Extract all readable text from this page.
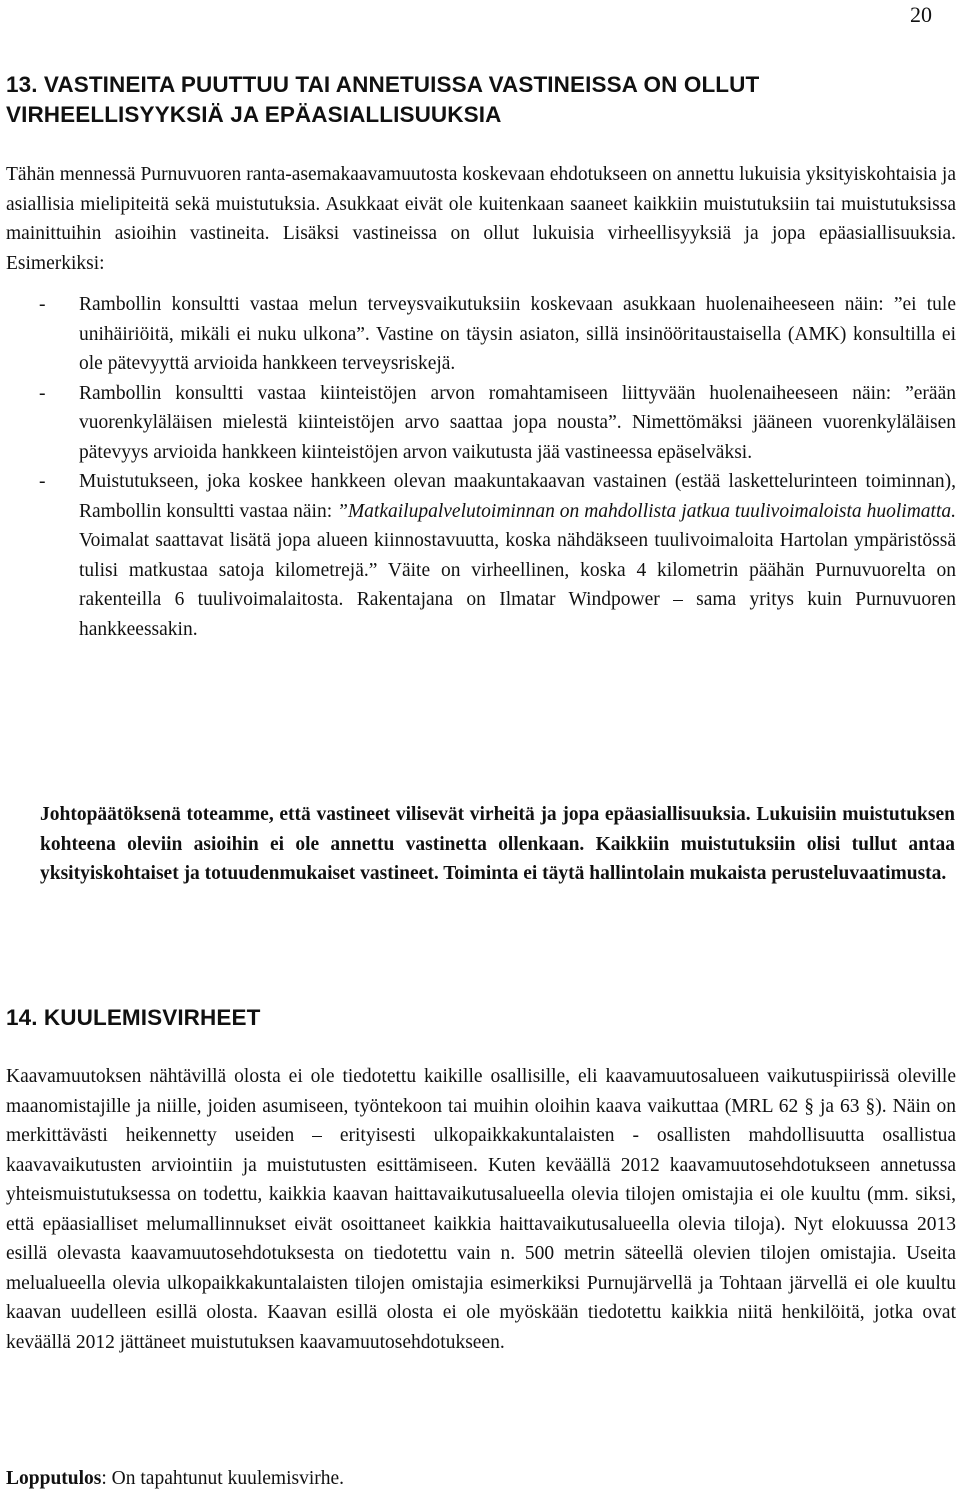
20
13. VASTINEITA PUUTTUU TAI ANNETUISSA VASTINEISSA ON OLLUT
VIRHEELLISYYKSIÄ JA EPÄASIALLISUUKSIA

Tähän mennessä Purnuvuoren ranta-asemakaavamuutosta koskevaan ehdotukseen on annettu lukuisia yksityiskohtaisia ja asiallisia mielipiteitä sekä muistutuksia. Asukkaat eivät ole kuitenkaan saaneet kaikkiin muistutuksiin tai muistutuksissa mainittuihin asioihin vastineita. Lisäksi vastineissa on ollut lukuisia virheellisyyksiä ja jopa epäasiallisuuksia. Esimerkiksi:

- Rambollin konsultti vastaa melun terveysvaikutuksiin koskevaan asukkaan huolenaiheeseen näin: ”ei tule unihäiriöitä, mikäli ei nuku ulkona”. Vastine on täysin asiaton, sillä insinööritaustaisella (AMK) konsultilla ei ole pätevyyttä arvioida hankkeen terveysriskejä.
- Rambollin konsultti vastaa kiinteistöjen arvon romahtamiseen liittyvään huolenaiheeseen näin: ”erään vuorenkyläläisen mielestä kiinteistöjen arvo saattaa jopa nousta”. Nimettömäksi jääneen vuorenkyläläisen pätevyys arvioida hankkeen kiinteistöjen arvon vaikutusta jää vastineessa epäselväksi.
- Muistutukseen, joka koskee hankkeen olevan maakuntakaavan vastainen (estää laskettelurinteen toiminnan), Rambollin konsultti vastaa näin: ”Matkailupalvelutoiminnan on mahdollista jatkua tuulivoimaloista huolimatta. Voimalat saattavat lisätä jopa alueen kiinnostavuutta, koska nähdäkseen tuulivoimaloita Hartolan ympäristössä tulisi matkustaa satoja kilometrejä.” Väite on virheellinen, koska 4 kilometrin päähän Purnuvuorelta on rakenteilla 6 tuulivoimalaitosta. Rakentajana on Ilmatar Windpower – sama yritys kuin Purnuvuoren hankkeessakin.
Johtopäätöksenä toteamme, että vastineet vilisevät virheitä ja jopa epäasiallisuuksia. Lukuisiin muistutuksen kohteena oleviin asioihin ei ole annettu vastinetta ollenkaan. Kaikkiin muistutuksiin olisi tullut antaa yksityiskohtaiset ja totuudenmukaiset vastineet. Toiminta ei täytä hallintolain mukaista perusteluvaatimusta.
14. KUULEMISVIRHEET
Kaavamuutoksen nähtävillä olosta ei ole tiedotettu kaikille osallisille, eli kaavamuutosalueen vaikutuspiirissä oleville maanomistajille ja niille, joiden asumiseen, työntekoon tai muihin oloihin kaava vaikuttaa (MRL 62 § ja 63 §). Näin on merkittävästi heikennetty useiden – erityisesti ulkopaikkakuntalaisten - osallisten mahdollisuutta osallistua kaavavaikutusten arviointiin ja muistutusten esittämiseen. Kuten keväällä 2012 kaavamuutosehdotukseen annetussa yhteismuistutuksessa on todettu, kaikkia kaavan haittavaikutusalueella olevia tilojen omistajia ei ole kuultu (mm. siksi, että epäasialliset melumallinnukset eivät osoittaneet kaikkia haittavaikutusalueella olevia tiloja). Nyt elokuussa 2013 esillä olevasta kaavamuutosehdotuksesta on tiedotettu vain n. 500 metrin säteellä olevien tilojen omistajia. Useita melualueella olevia ulkopaikkakuntalaisten tilojen omistajia esimerkiksi Purnujärvellä ja Tohtaan järvellä ei ole kuultu kaavan uudelleen esillä olosta. Kaavan esillä olosta ei ole myöskään tiedotettu kaikkia niitä henkilöitä, jotka ovat keväällä 2012 jättäneet muistutuksen kaavamuutosehdotukseen.
Lopputulos: On tapahtunut kuulemisvirhe.
